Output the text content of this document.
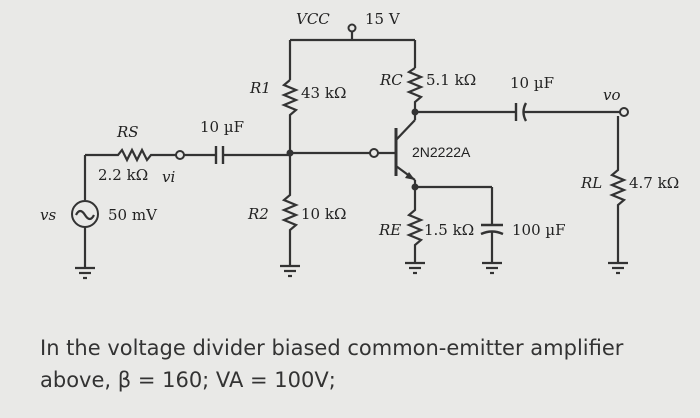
VCC 15 V
R1 43 kΩ
R2 10 kΩ
vs	50 mV
RS
2.2 kΩ vi
10 µF
2N2222A
RC 5.1 kΩ 10 µF
vo
RL 4.7 kΩ
RE 1.5 kΩ	100 µF
In the voltage divider biased common-emitter amplifier
above, β = 160; VA = 100V;
